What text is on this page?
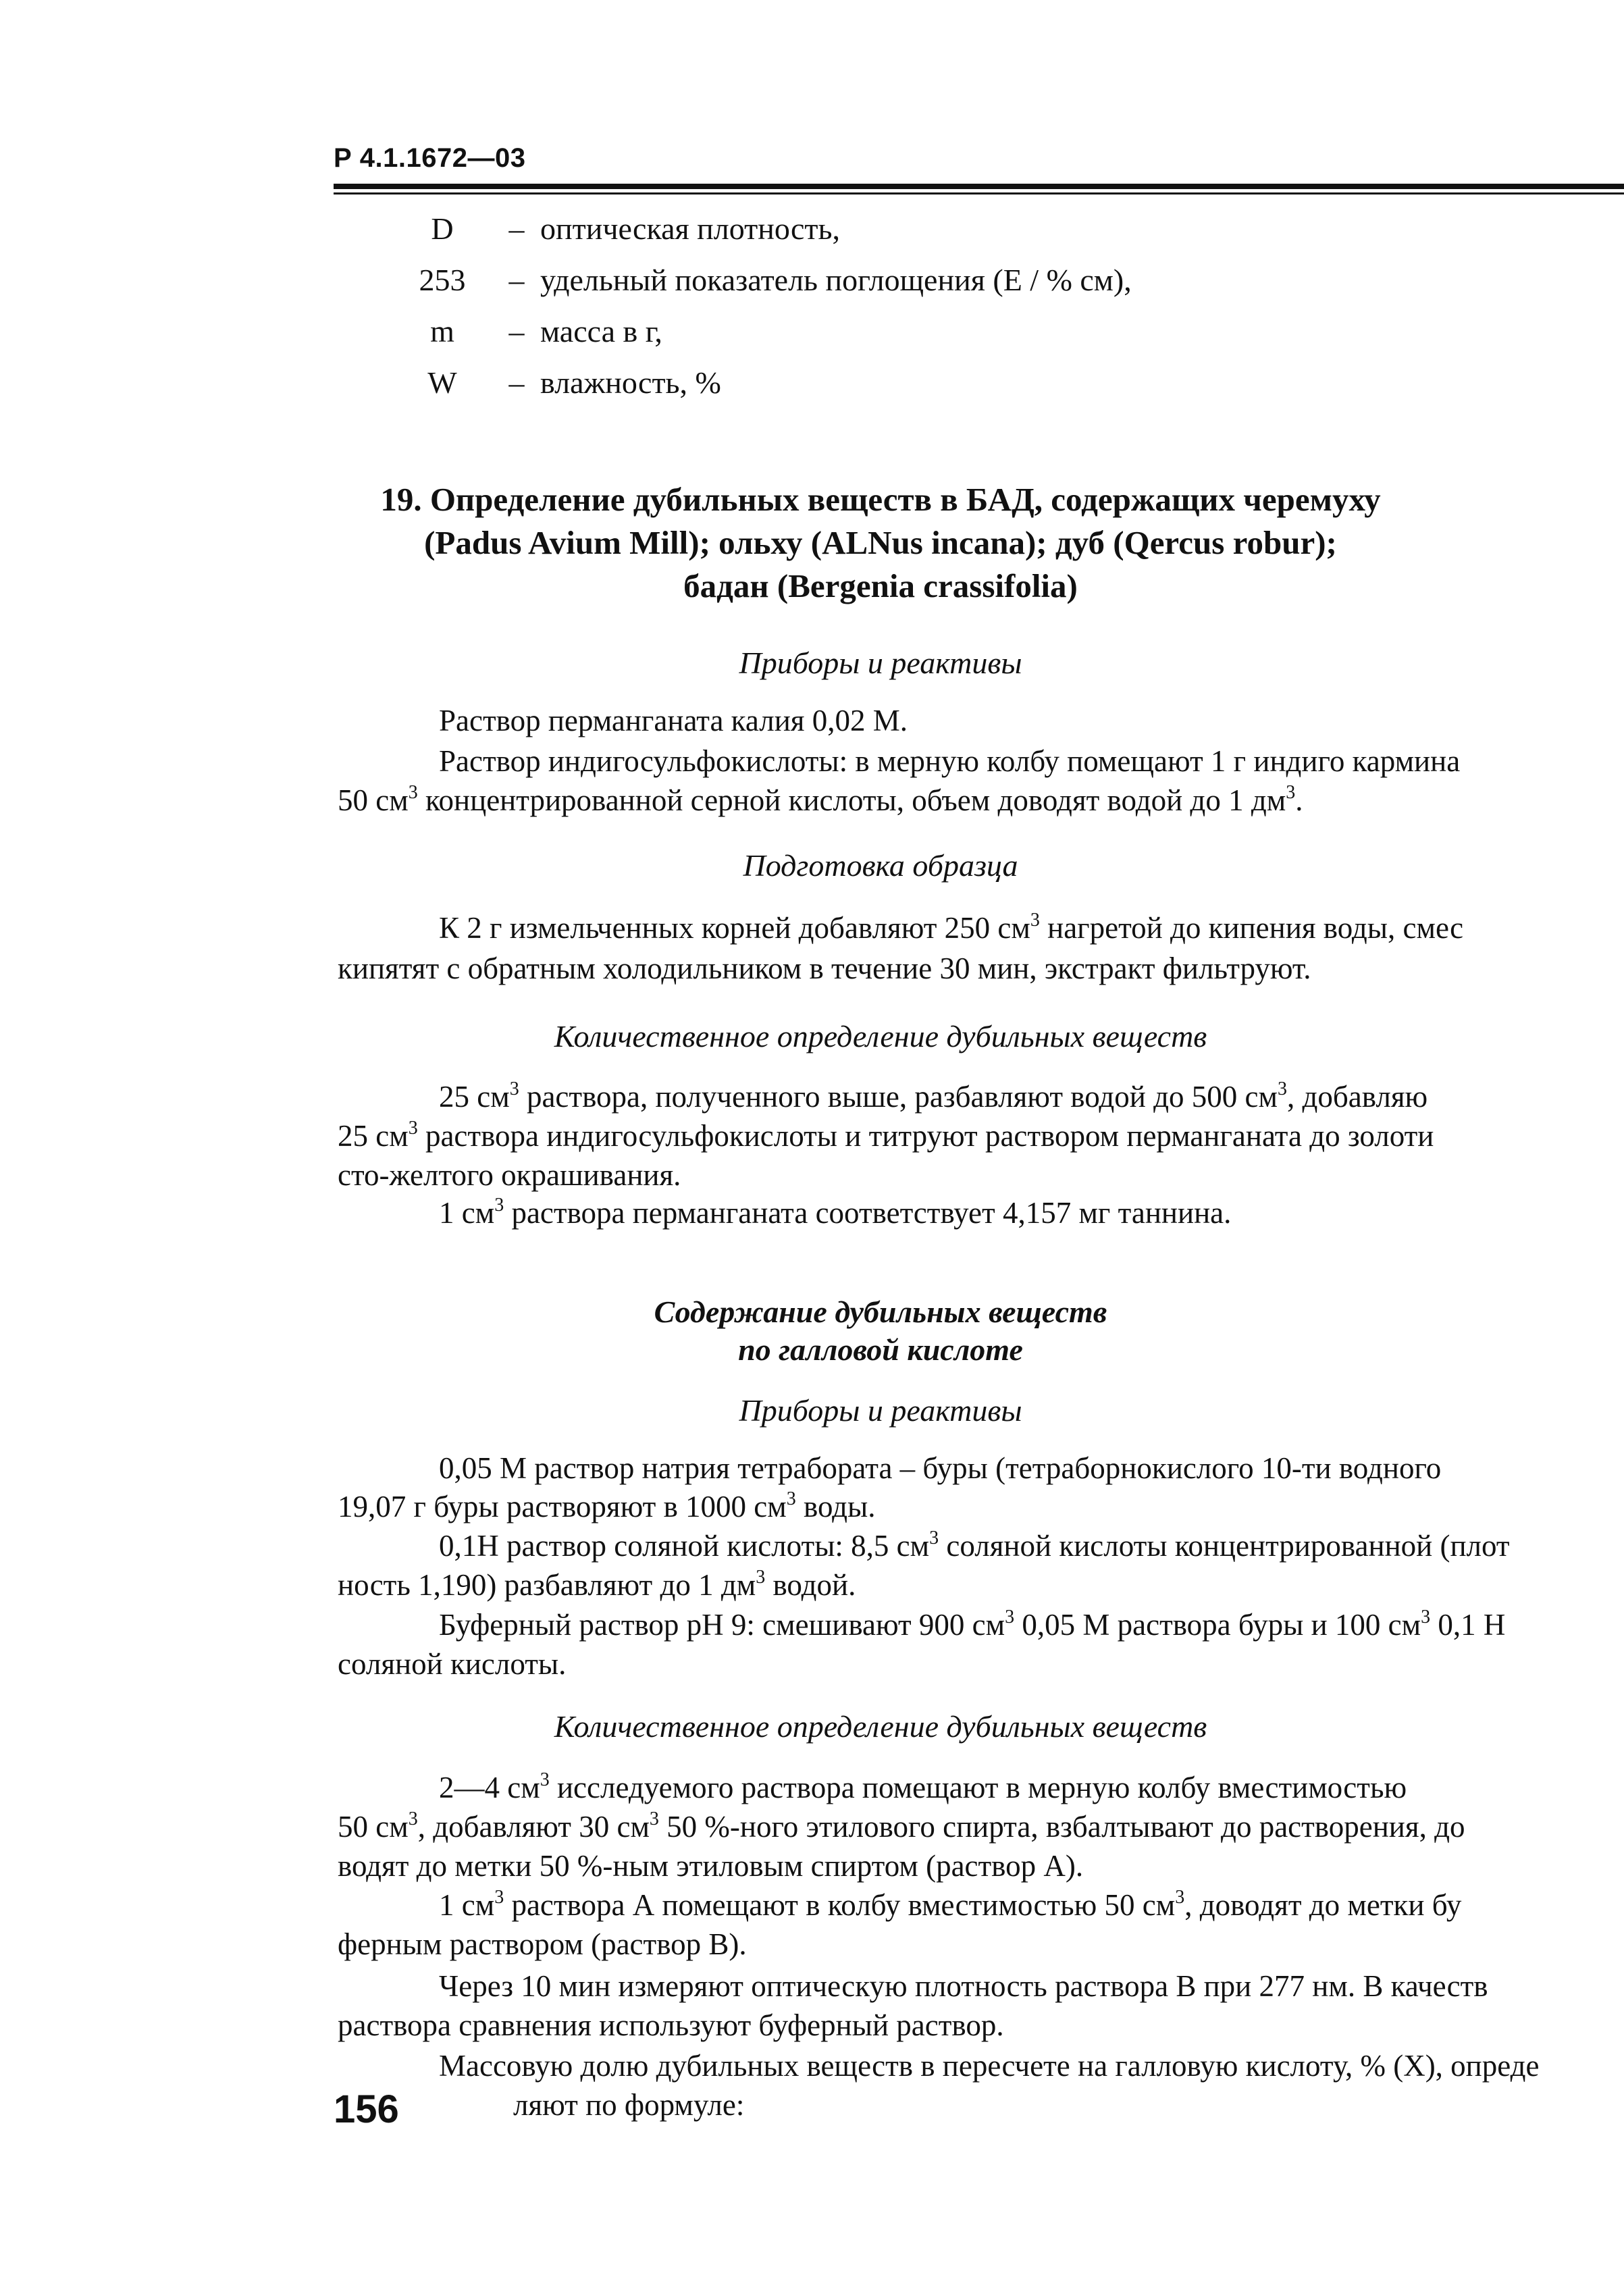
Р 4.1.1672—03
D	– оптическая плотность,
253	– удельный показатель поглощения (Е / % см),
m	– масса в г,
W	– влажность, %
19. Определение дубильных веществ в БАД, содержащих черемуху
(Padus Avium Mill); ольху (ALNus incana); дуб (Qercus robur);
бадан (Bergenia crassifolia)
Приборы и реактивы
Раствор перманганата калия 0,02 М.
Раствор индигосульфокислоты: в мерную колбу помещают 1 г индиго кармина
50 $см^3$ концентрированной серной кислоты, объем доводят водой до 1 $дм^3$.
Подготовка образца
К 2 г измельченных корней добавляют 250 $см^3$ нагретой до кипения воды, смес
кипятят с обратным холодильником в течение 30 мин, экстракт фильтруют.
Количественное определение дубильных веществ
25 $см^3$ раствора, полученного выше, разбавляют водой до 500 $см^3$, добавляю
25 $см^3$ раствора индигосульфокислоты и титруют раствором перманганата до золоти
сто-желтого окрашивания.
1 $см^3$ раствора перманганата соответствует 4,157 мг таннина.
Содержание дубильных веществ
по галловой кислоте
Приборы и реактивы
0,05 М раствор натрия тетрабората – буры (тетраборнокислого 10-ти водного
19,07 г буры растворяют в 1000 $см^3$ воды.
0,1Н раствор соляной кислоты: 8,5 $см^3$ соляной кислоты концентрированной (плот
ность 1,190) разбавляют до 1 $дм^3$ водой.
Буферный раствор рН 9: смешивают 900 $см^3$ 0,05 М раствора буры и 100 $см^3$ 0,1 Н
соляной кислоты.
Количественное определение дубильных веществ
2—4 $см^3$ исследуемого раствора помещают в мерную колбу вместимостью
50 $см^3$, добавляют 30 $см^3$ 50 %-ного этилового спирта, взбалтывают до растворения, до
водят до метки 50 %-ным этиловым спиртом (раствор А).
1 $см^3$ раствора А помещают в колбу вместимостью 50 $см^3$, доводят до метки бу
ферным раствором (раствор В).
Через 10 мин измеряют оптическую плотность раствора В при 277 нм. В качеств
раствора сравнения используют буферный раствор.
Массовую долю дубильных веществ в пересчете на галловую кислоту, % (X), опреде
ляют по формуле:
156
